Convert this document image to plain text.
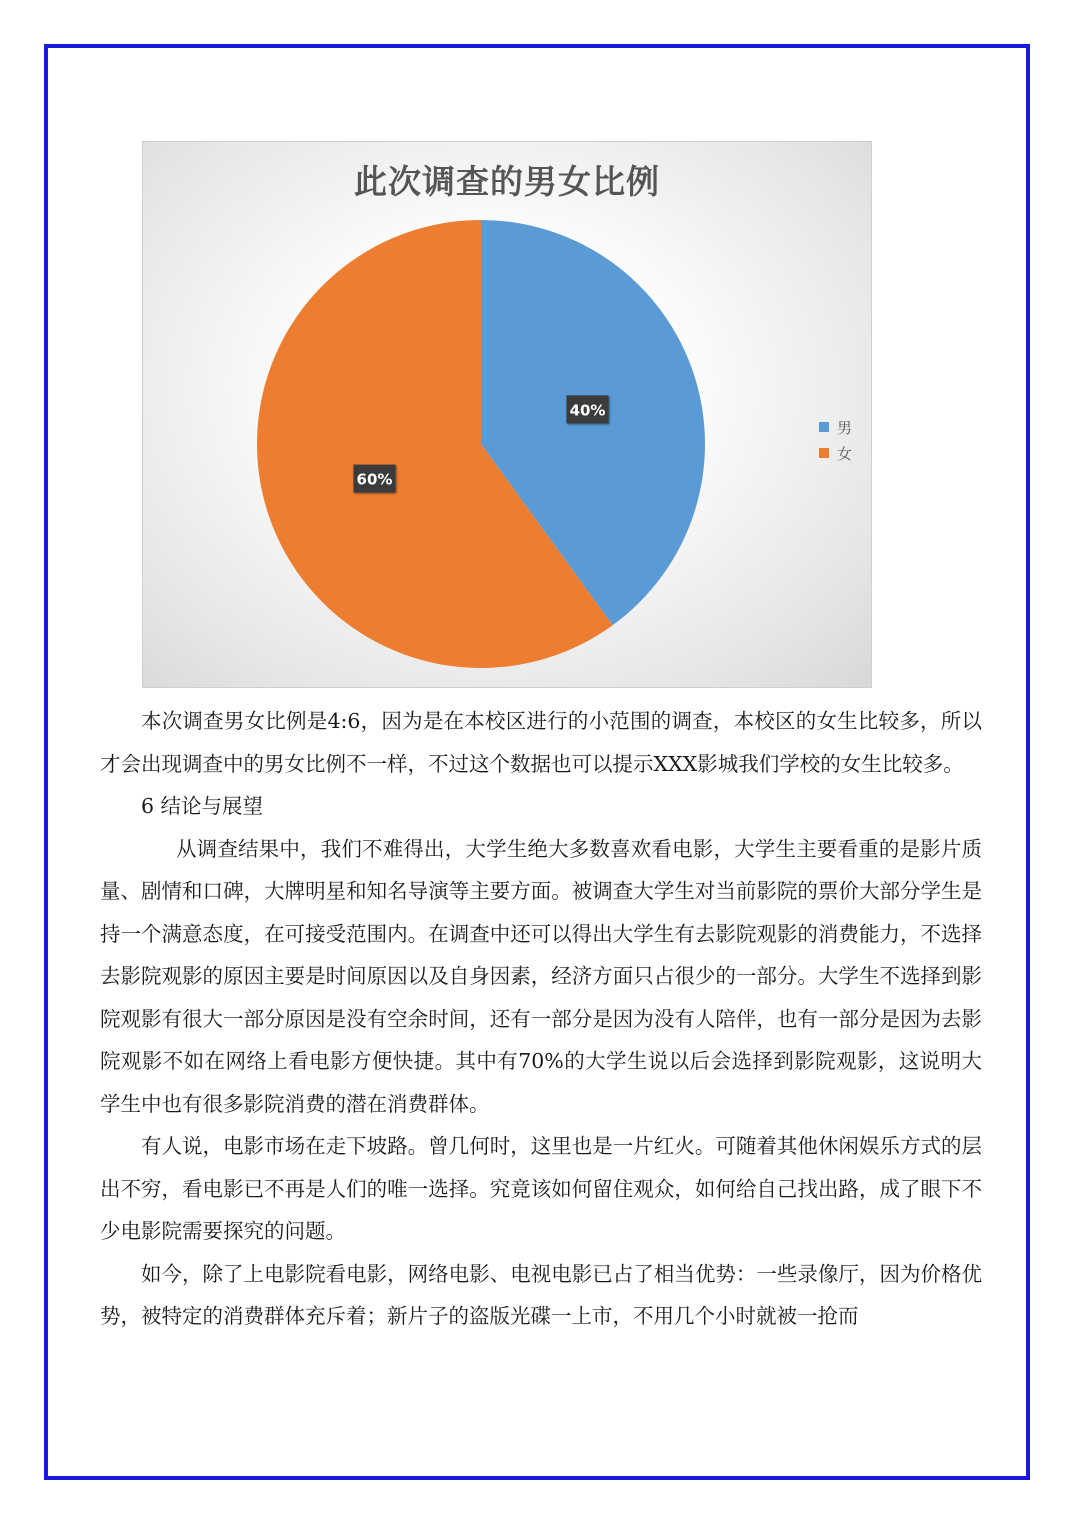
此次调查的男女比例
40%
60%
男
女

本次调查男女比例是4:6，因为是在本校区进行的小范围的调查，本校区的女生比较多，所以才会出现调查中的男女比例不一样，不过这个数据也可以提示XXX影城我们学校的女生比较多。

6 结论与展望

从调查结果中，我们不难得出，大学生绝大多数喜欢看电影，大学生主要看重的是影片质量、剧情和口碑，大牌明星和知名导演等主要方面。被调查大学生对当前影院的票价大部分学生是持一个满意态度，在可接受范围内。在调查中还可以得出大学生有去影院观影的消费能力，不选择去影院观影的原因主要是时间原因以及自身因素，经济方面只占很少的一部分。大学生不选择到影院观影有很大一部分原因是没有空余时间，还有一部分是因为没有人陪伴，也有一部分是因为去影院观影不如在网络上看电影方便快捷。其中有70%的大学生说以后会选择到影院观影，这说明大学生中也有很多影院消费的潜在消费群体。

有人说，电影市场在走下坡路。曾几何时，这里也是一片红火。可随着其他休闲娱乐方式的层出不穷，看电影已不再是人们的唯一选择。究竟该如何留住观众，如何给自己找出路，成了眼下不少电影院需要探究的问题。

如今，除了上电影院看电影，网络电影、电视电影已占了相当优势：一些录像厅，因为价格优势，被特定的消费群体充斥着；新片子的盗版光碟一上市，不用几个小时就被一抢而
